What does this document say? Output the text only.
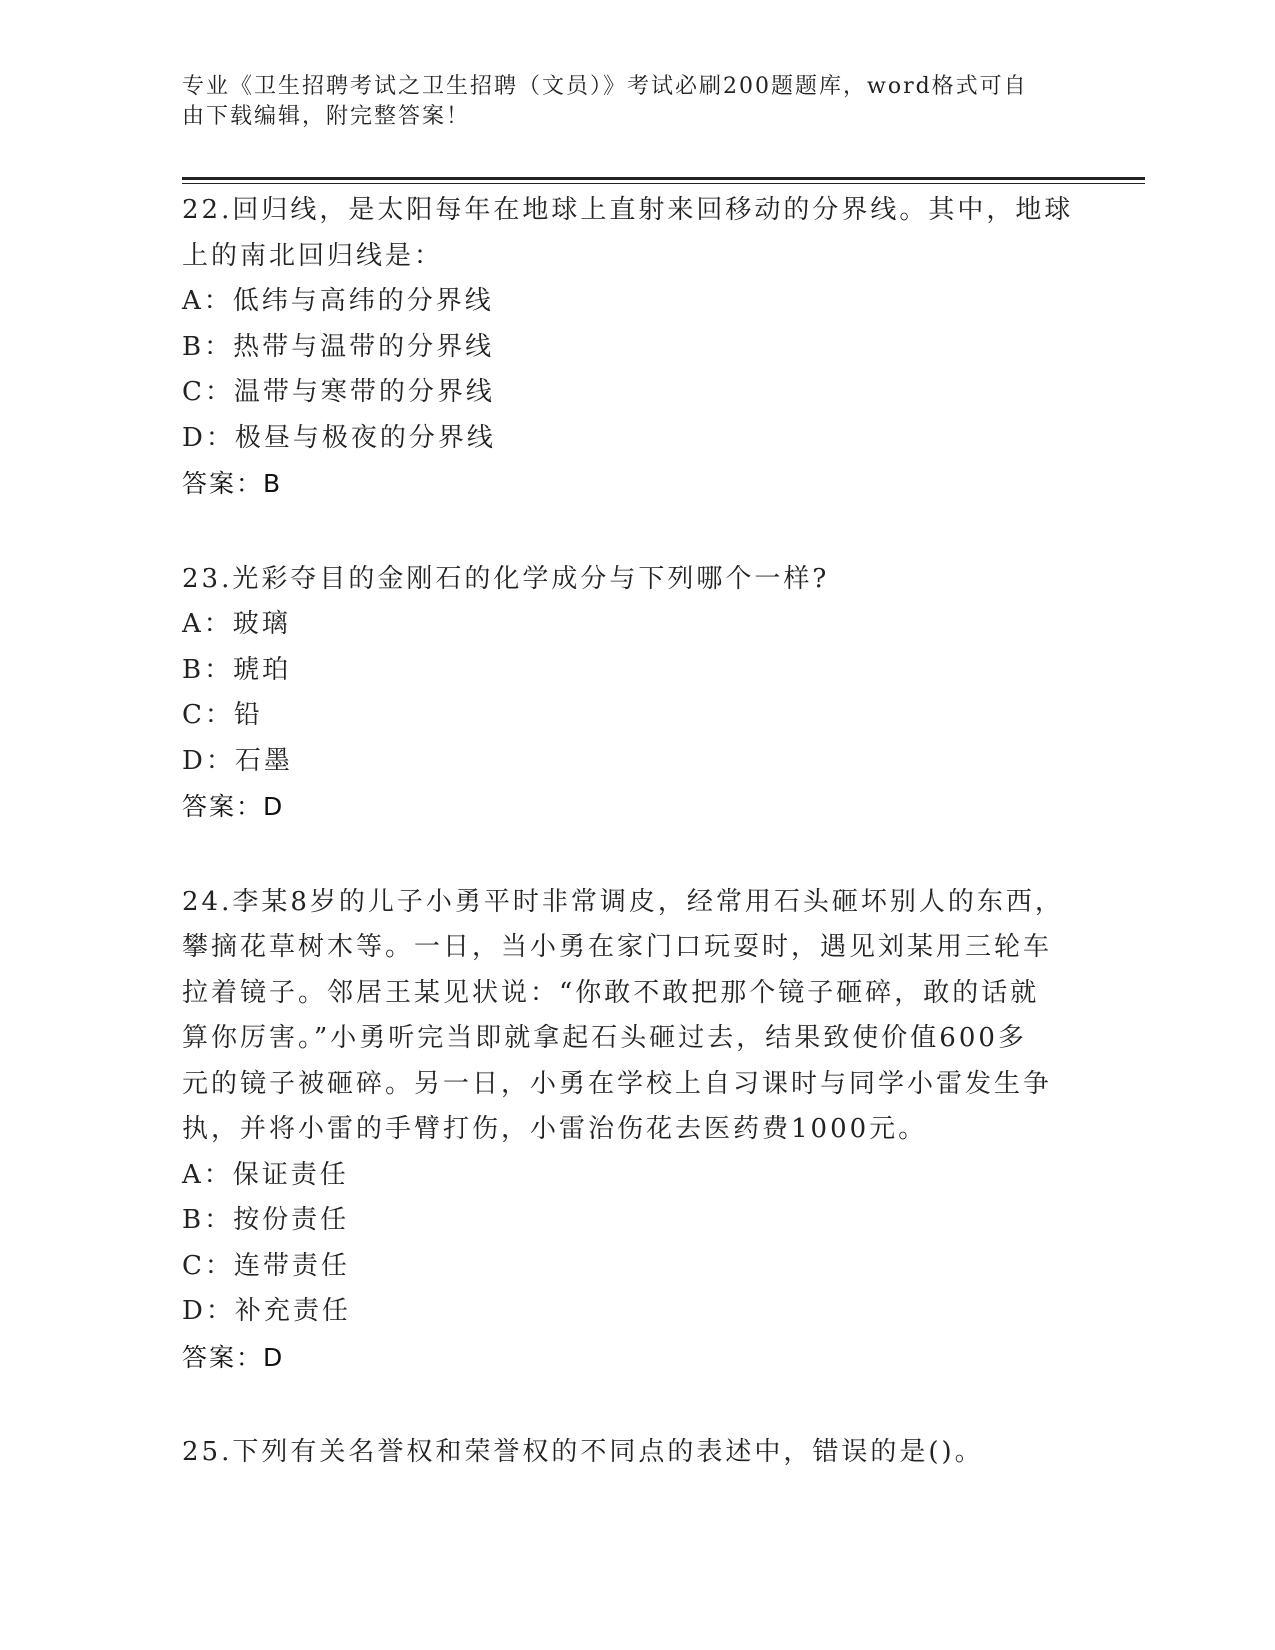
专业《卫生招聘考试之卫生招聘（文员）》考试必刷200题题库，word格式可自
由下载编辑，附完整答案！
22.回归线，是太阳每年在地球上直射来回移动的分界线。其中，地球
上的南北回归线是：
A：低纬与高纬的分界线
B：热带与温带的分界线
C：温带与寒带的分界线
D：极昼与极夜的分界线
答案：B
23.光彩夺目的金刚石的化学成分与下列哪个一样?
A：玻璃
B：琥珀
C：铅
D：石墨
答案：D
24.李某8岁的儿子小勇平时非常调皮，经常用石头砸坏别人的东西，
攀摘花草树木等。一日，当小勇在家门口玩耍时，遇见刘某用三轮车
拉着镜子。邻居王某见状说：“你敢不敢把那个镜子砸碎，敢的话就
算你厉害。”小勇听完当即就拿起石头砸过去，结果致使价值600多
元的镜子被砸碎。另一日，小勇在学校上自习课时与同学小雷发生争
执，并将小雷的手臂打伤，小雷治伤花去医药费1000元。
A：保证责任
B：按份责任
C：连带责任
D：补充责任
答案：D
25.下列有关名誉权和荣誉权的不同点的表述中，错误的是()。
